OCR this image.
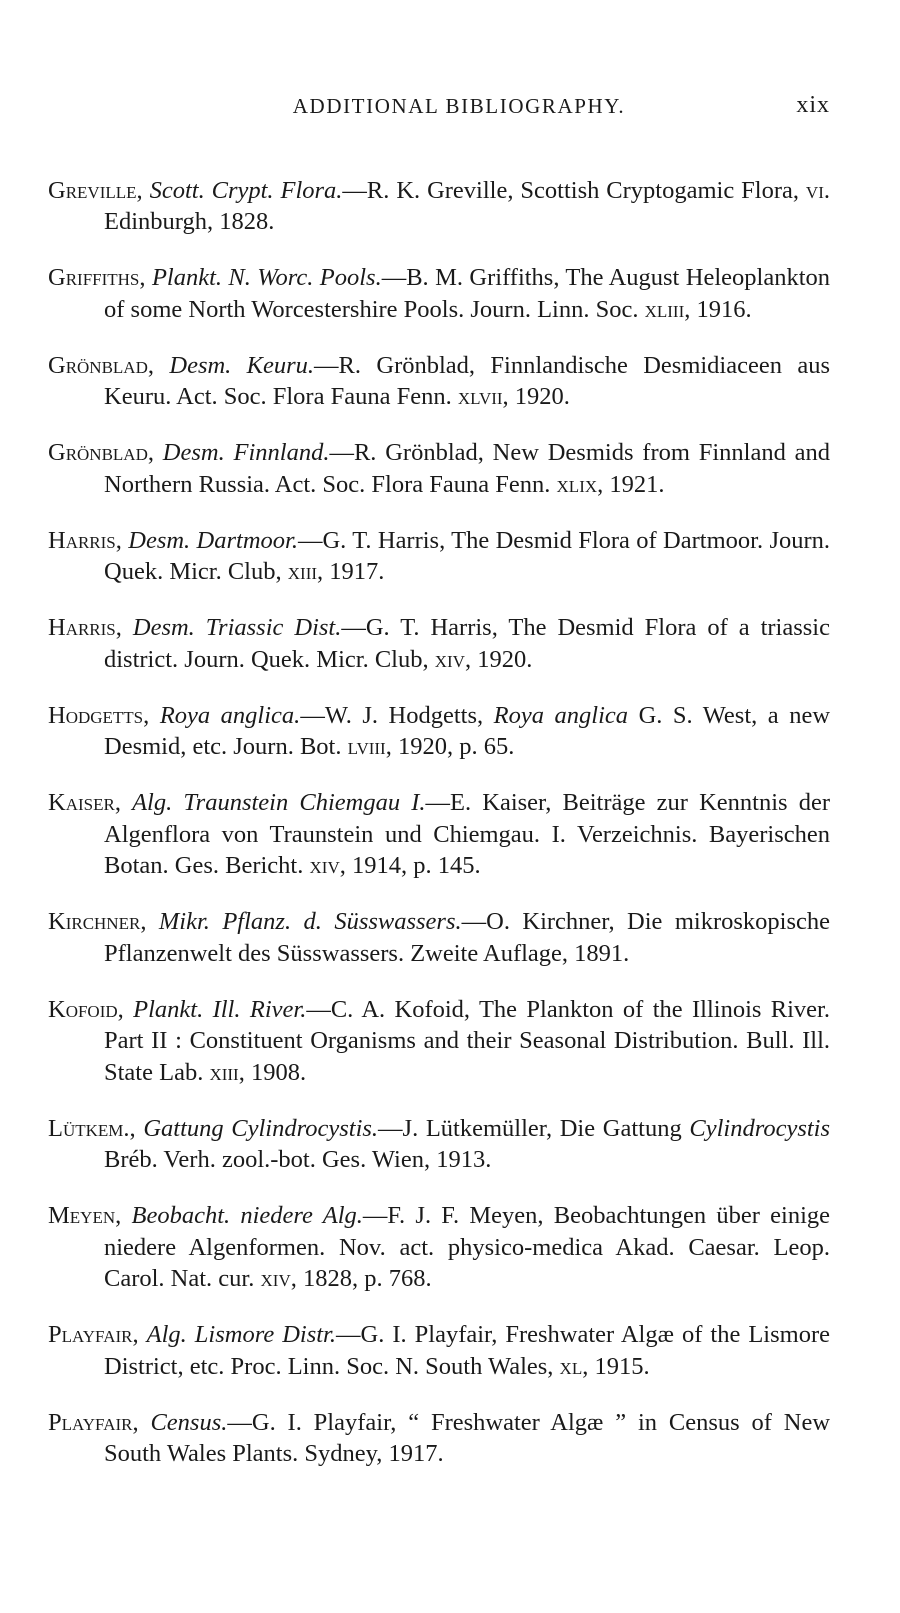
ADDITIONAL BIBLIOGRAPHY.	xix

Greville, Scott. Crypt. Flora.—R. K. Greville, Scottish Cryptogamic Flora, vi. Edinburgh, 1828.

Griffiths, Plankt. N. Worc. Pools.—B. M. Griffiths, The August Heleoplankton of some North Worcestershire Pools. Journ. Linn. Soc. xliii, 1916.

Grönblad, Desm. Keuru.—R. Grönblad, Finnlandische Desmidiaceen aus Keuru. Act. Soc. Flora Fauna Fenn. xlvii, 1920.

Grönblad, Desm. Finnland.—R. Grönblad, New Desmids from Finnland and Northern Russia. Act. Soc. Flora Fauna Fenn. xlix, 1921.

Harris, Desm. Dartmoor.—G. T. Harris, The Desmid Flora of Dartmoor. Journ. Quek. Micr. Club, xiii, 1917.

Harris, Desm. Triassic Dist.—G. T. Harris, The Desmid Flora of a triassic district. Journ. Quek. Micr. Club, xiv, 1920.

Hodgetts, Roya anglica.—W. J. Hodgetts, Roya anglica G. S. West, a new Desmid, etc. Journ. Bot. lviii, 1920, p. 65.

Kaiser, Alg. Traunstein Chiemgau I.—E. Kaiser, Beiträge zur Kenntnis der Algenflora von Traunstein und Chiemgau. I. Verzeichnis. Bayerischen Botan. Ges. Bericht. xiv, 1914, p. 145.

Kirchner, Mikr. Pflanz. d. Süsswassers.—O. Kirchner, Die mikroskopische Pflanzenwelt des Süsswassers. Zweite Auflage, 1891.

Kofoid, Plankt. Ill. River.—C. A. Kofoid, The Plankton of the Illinois River. Part II : Constituent Organisms and their Seasonal Distribution. Bull. Ill. State Lab. xiii, 1908.

Lütkem., Gattung Cylindrocystis.—J. Lütkemüller, Die Gattung Cylindrocystis Bréb. Verh. zool.-bot. Ges. Wien, 1913.

Meyen, Beobacht. niedere Alg.—F. J. F. Meyen, Beobachtungen über einige niedere Algenformen. Nov. act. physico-medica Akad. Caesar. Leop. Carol. Nat. cur. xiv, 1828, p. 768.

Playfair, Alg. Lismore Distr.—G. I. Playfair, Freshwater Algæ of the Lismore District, etc. Proc. Linn. Soc. N. South Wales, xl, 1915.

Playfair, Census.—G. I. Playfair, “ Freshwater Algæ ” in Census of New South Wales Plants. Sydney, 1917.
